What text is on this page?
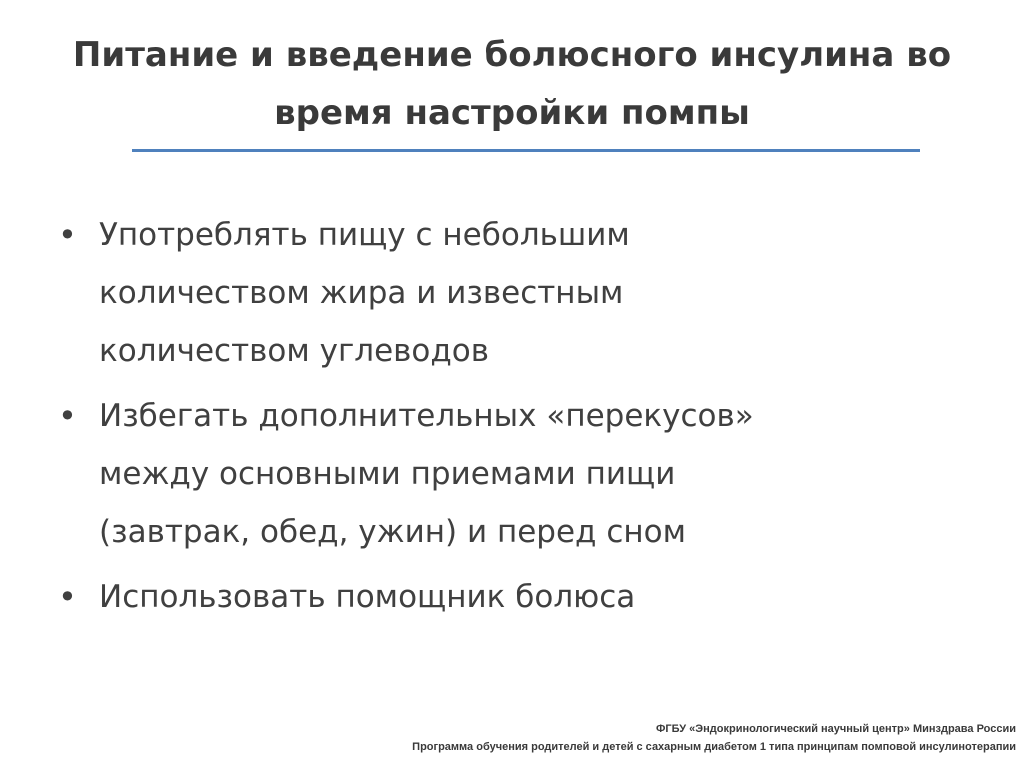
Питание и введение болюсного инсулина во
время настройки помпы
• Употреблять пищу с небольшим
количеством жира и известным
количеством углеводов
• Избегать дополнительных «перекусов»
между основными приемами пищи
(завтрак, обед, ужин) и перед сном
• Использовать помощник болюса
ФГБУ «Эндокринологический научный центр» Минздрава России
Программа обучения родителей и детей с сахарным диабетом 1 типа принципам помповой инсулинотерапии
